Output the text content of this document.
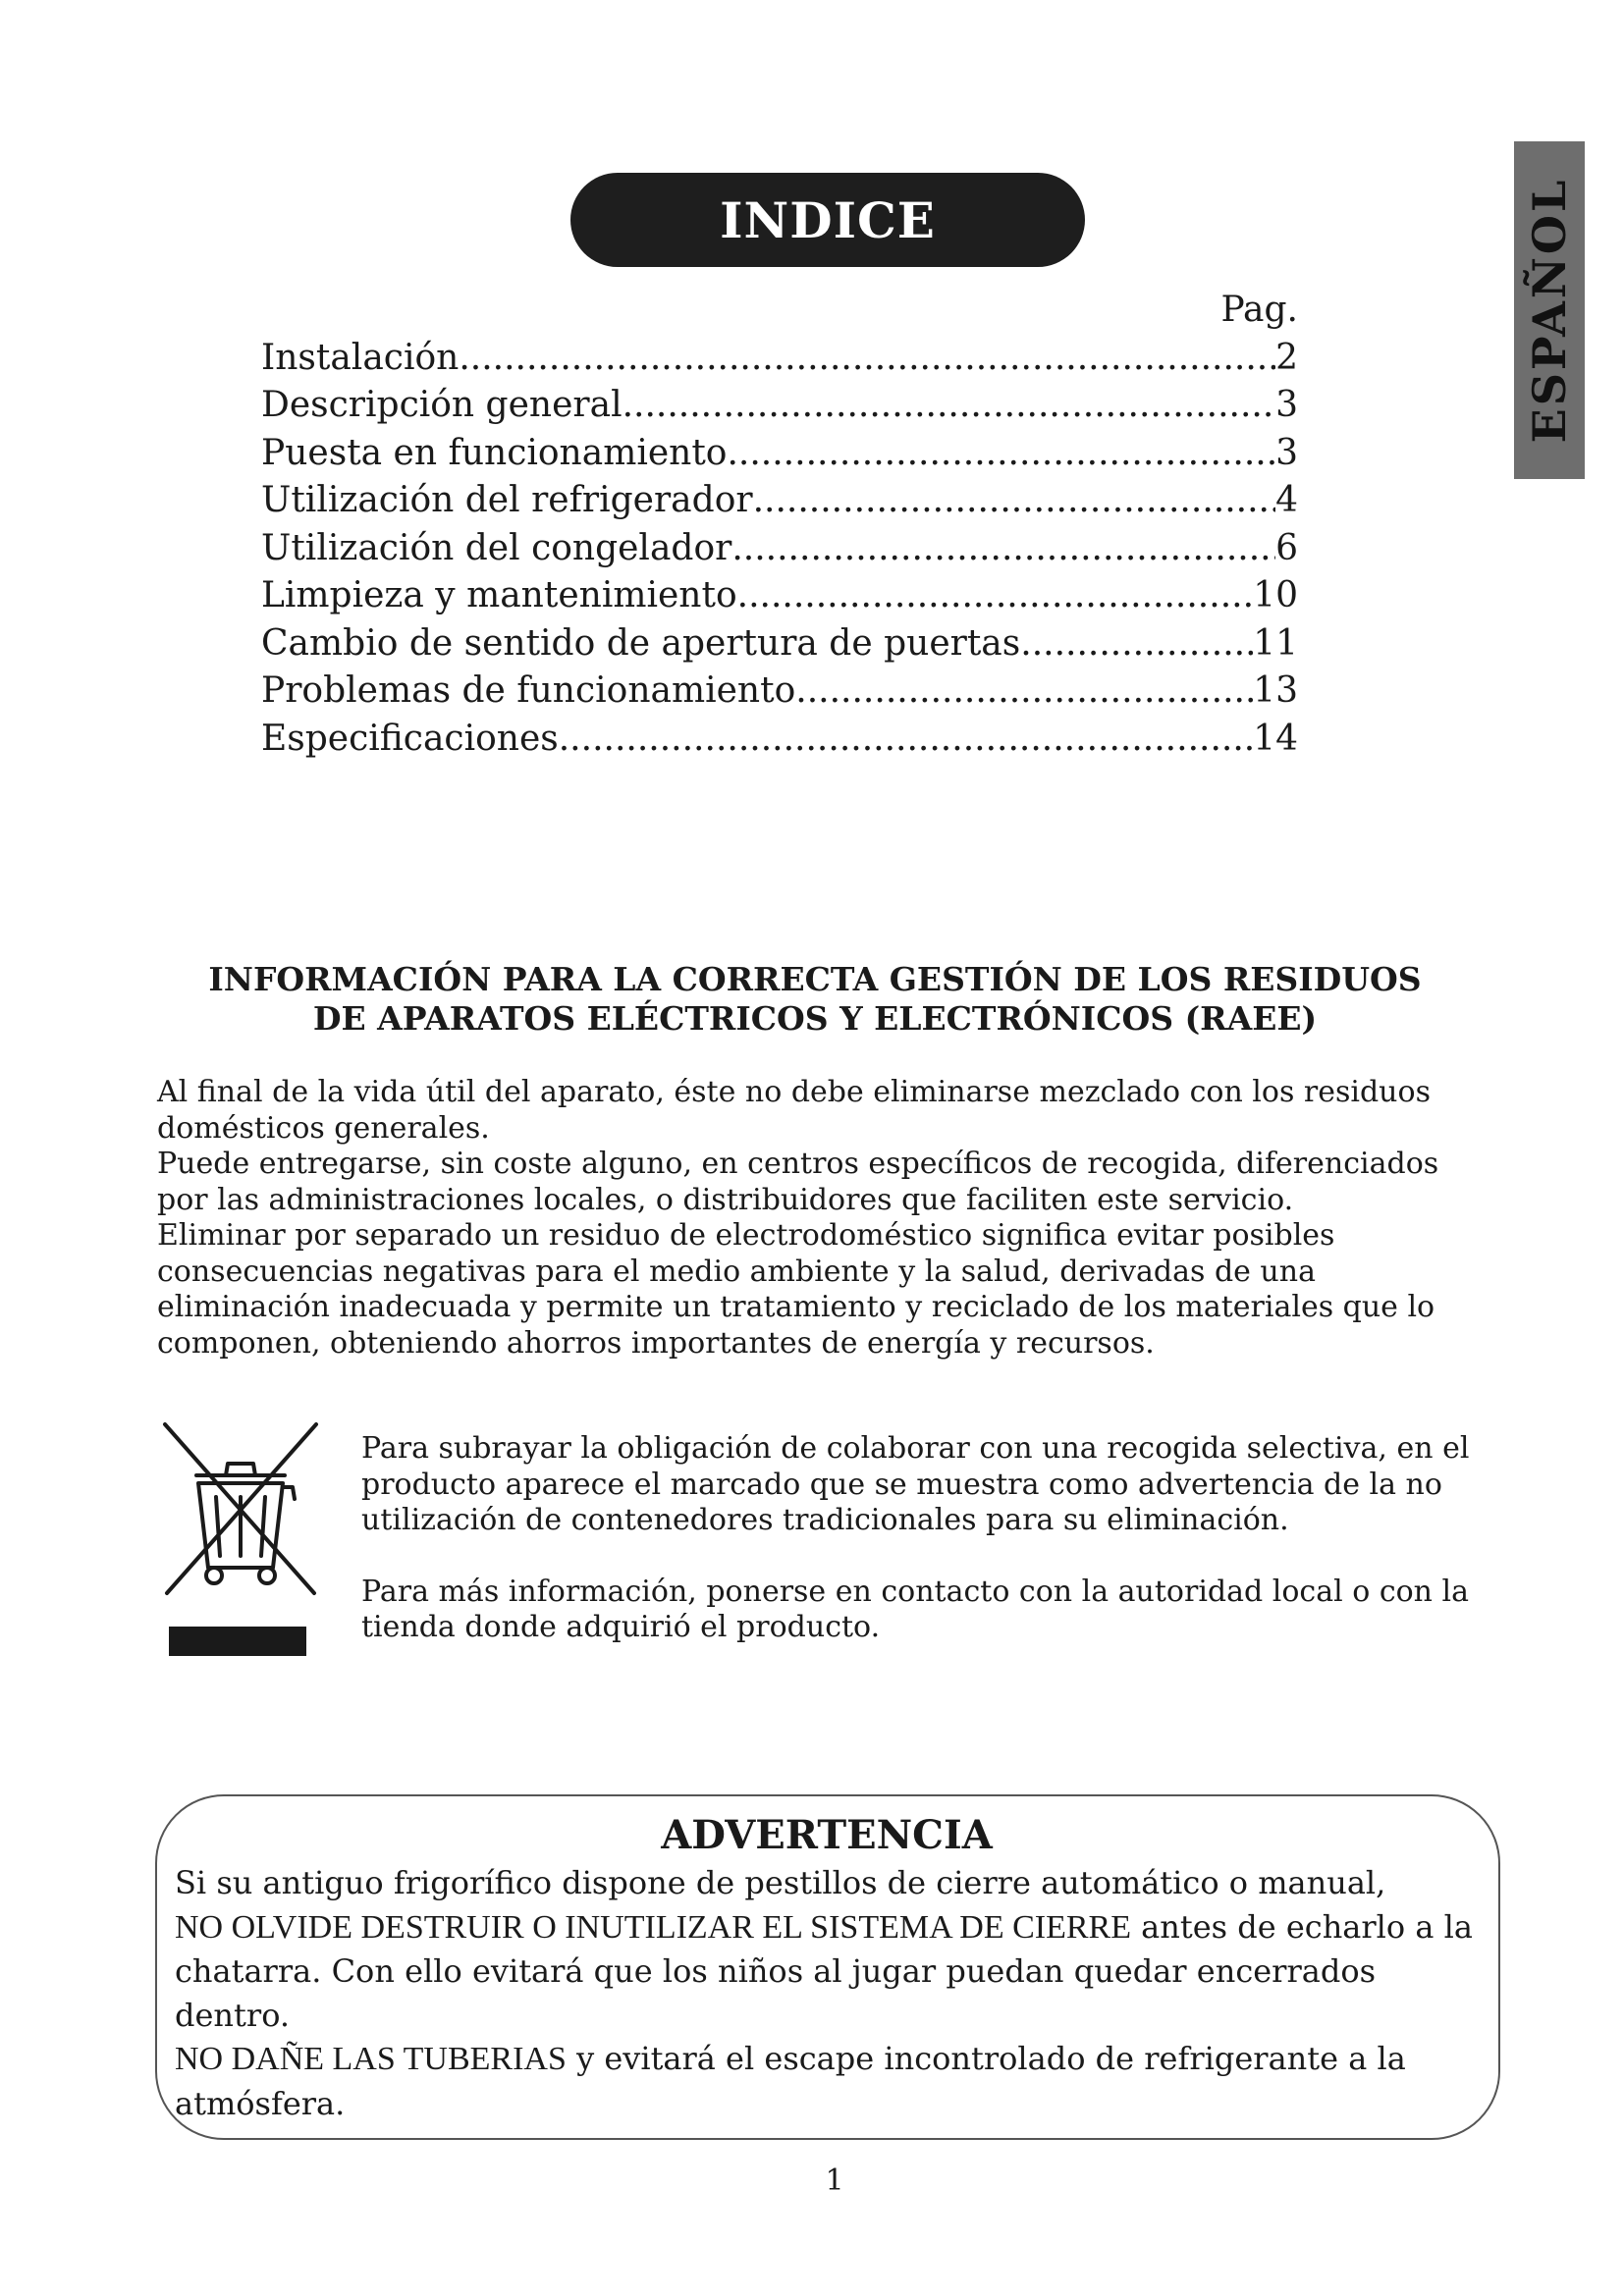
ESPAÑOL
INDICE
Pag.
Instalación .....	2
Descripción general .....	3
Puesta en funcionamiento .....	3
Utilización del refrigerador .....	4
Utilización del congelador .....	6
Limpieza y mantenimiento .....	10
Cambio de sentido de apertura de puertas .....	11
Problemas de funcionamiento .....	13
Especificaciones .....	14
INFORMACIÓN PARA LA CORRECTA GESTIÓN DE LOS RESIDUOS
DE APARATOS ELÉCTRICOS Y ELECTRÓNICOS (RAEE)

Al final de la vida útil del aparato, éste no debe eliminarse mezclado con los residuos domésticos generales.

Puede entregarse, sin coste alguno, en centros específicos de recogida, diferenciados por las administraciones locales, o distribuidores que faciliten este servicio.

Eliminar por separado un residuo de electrodoméstico significa evitar posibles consecuencias negativas para el medio ambiente y la salud, derivadas de una eliminación inadecuada y permite un tratamiento y reciclado de los materiales que lo componen, obteniendo ahorros importantes de energía y recursos.

Para subrayar la obligación de colaborar con una recogida selectiva, en el producto aparece el marcado que se muestra como advertencia de la no utilización de contenedores tradicionales para su eliminación.

Para más información, ponerse en contacto con la autoridad local o con la tienda donde adquirió el producto.

ADVERTENCIA

Si su antiguo frigorífico dispone de pestillos de cierre automático o manual,
NO OLVIDE DESTRUIR O INUTILIZAR EL SISTEMA DE CIERRE antes de echarlo a la chatarra. Con ello evitará que los niños al jugar puedan quedar encerrados dentro.
NO DAÑE LAS TUBERIAS y evitará el escape incontrolado de refrigerante a la atmósfera.

1
